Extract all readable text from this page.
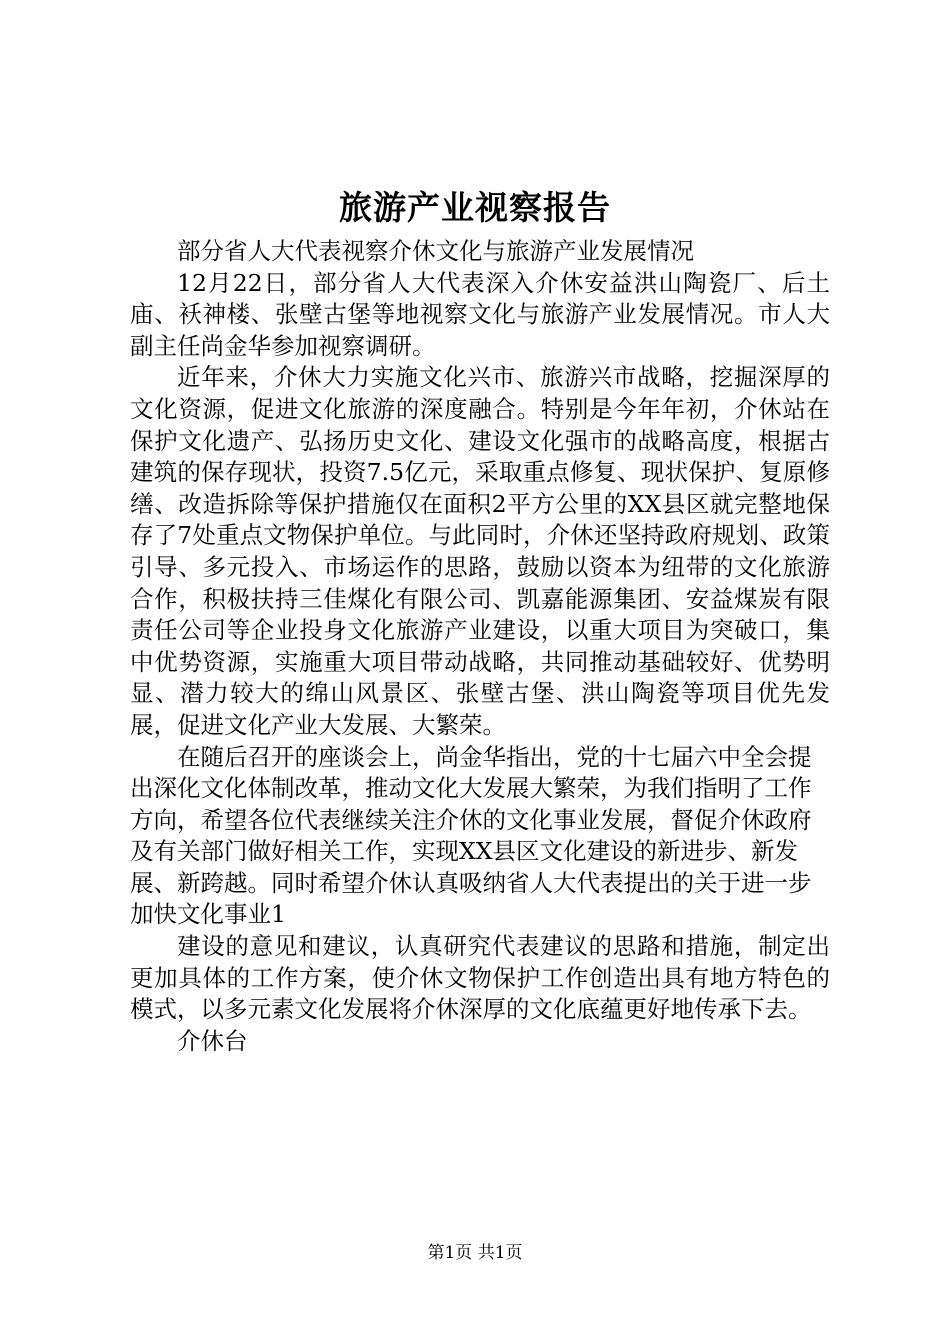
旅游产业视察报告

部分省人大代表视察介休文化与旅游产业发展情况

12月22日，部分省人大代表深入介休安益洪山陶瓷厂、后土庙、袄神楼、张壁古堡等地视察文化与旅游产业发展情况。市人大副主任尚金华参加视察调研。

近年来，介休大力实施文化兴市、旅游兴市战略，挖掘深厚的文化资源，促进文化旅游的深度融合。特别是今年年初，介休站在保护文化遗产、弘扬历史文化、建设文化强市的战略高度，根据古建筑的保存现状，投资7.5亿元，采取重点修复、现状保护、复原修缮、改造拆除等保护措施仅在面积2平方公里的XX县区就完整地保存了7处重点文物保护单位。与此同时，介休还坚持政府规划、政策引导、多元投入、市场运作的思路，鼓励以资本为纽带的文化旅游合作，积极扶持三佳煤化有限公司、凯嘉能源集团、安益煤炭有限责任公司等企业投身文化旅游产业建设，以重大项目为突破口，集中优势资源，实施重大项目带动战略，共同推动基础较好、优势明显、潜力较大的绵山风景区、张壁古堡、洪山陶瓷等项目优先发展，促进文化产业大发展、大繁荣。

在随后召开的座谈会上，尚金华指出，党的十七届六中全会提出深化文化体制改革，推动文化大发展大繁荣，为我们指明了工作方向，希望各位代表继续关注介休的文化事业发展，督促介休政府及有关部门做好相关工作，实现XX县区文化建设的新进步、新发展、新跨越。同时希望介休认真吸纳省人大代表提出的关于进一步加快文化事业1

建设的意见和建议，认真研究代表建议的思路和措施，制定出更加具体的工作方案，使介休文物保护工作创造出具有地方特色的模式，以多元素文化发展将介休深厚的文化底蕴更好地传承下去。

介休台

第1页 共1页
